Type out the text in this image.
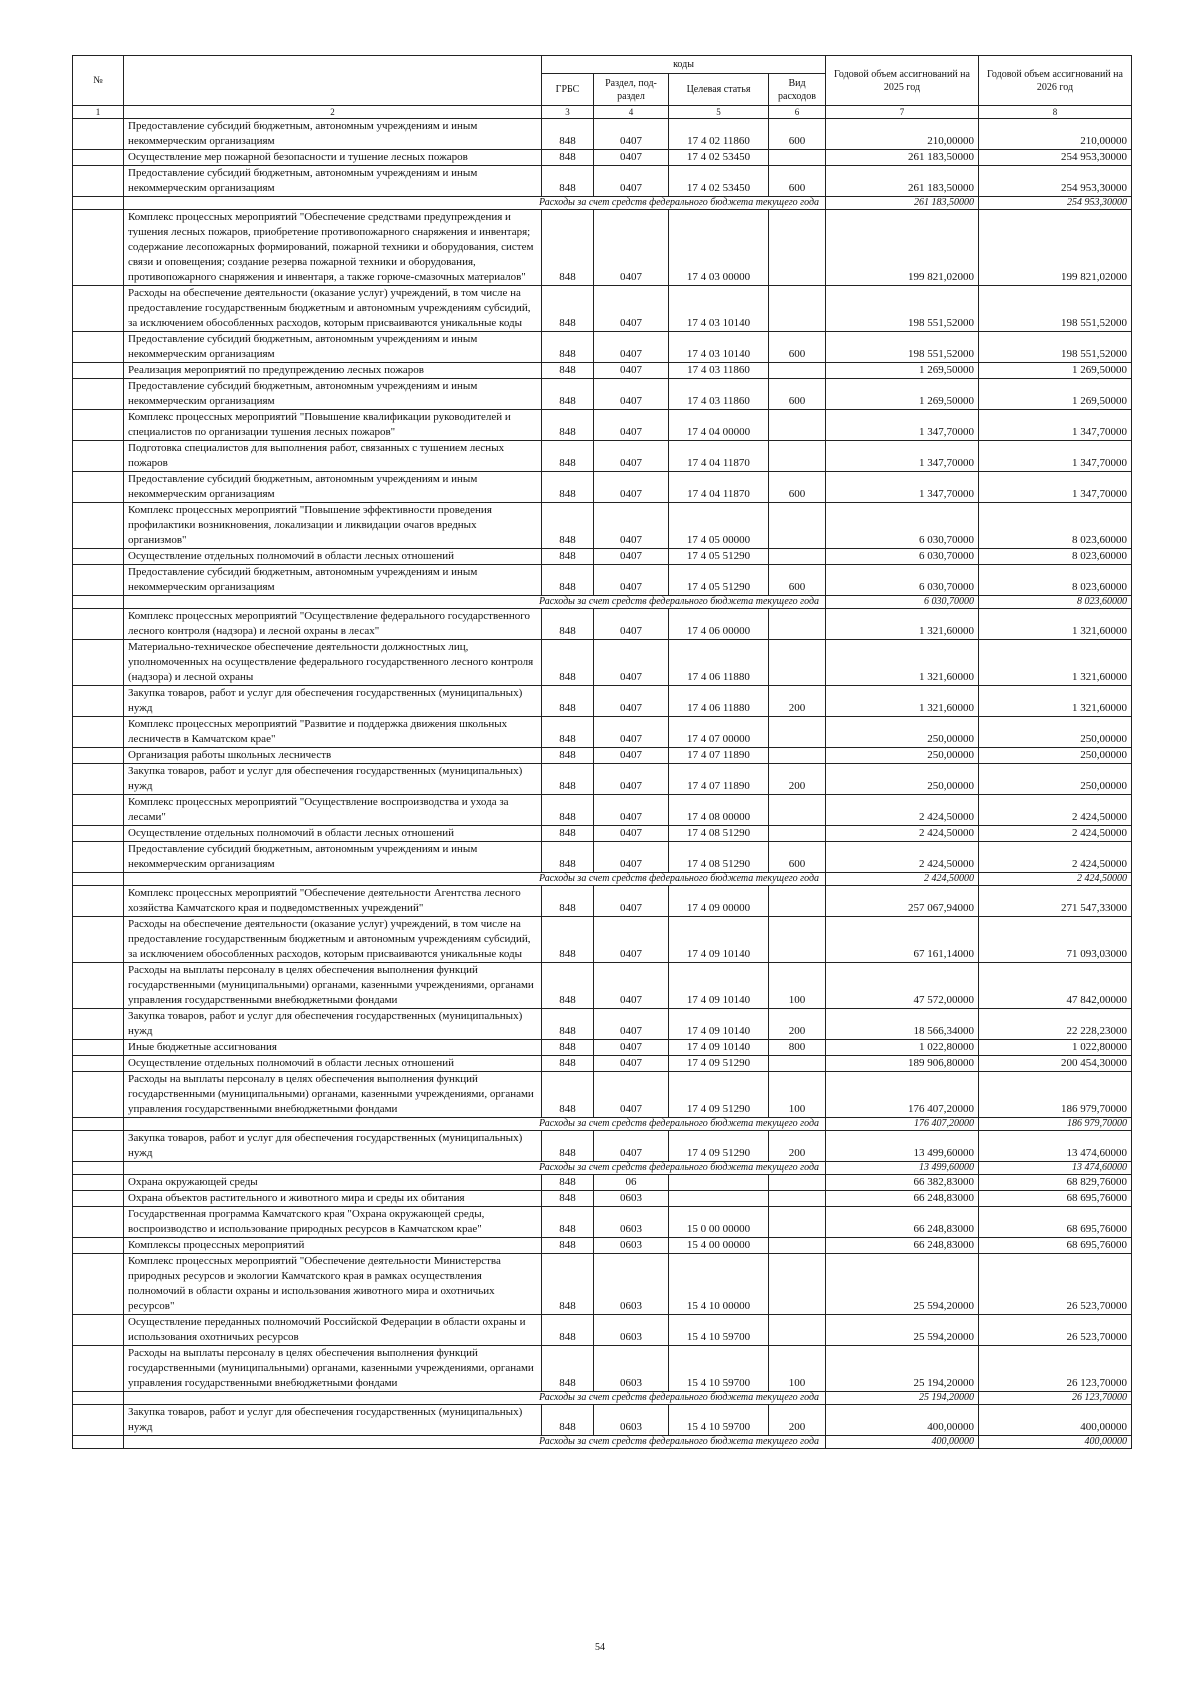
№		коды				Годовой объем ассигнований на 2025 год	Годовой объем ассигнований на 2026 год
		ГРБС	Раздел, под-раздел	Целевая статья	Вид расходов		
1	2	3	4	5	6	7	8
	Предоставление субсидий бюджетным, автономным учреждениям и иным некоммерческим организациям	848	0407	17 4 02 11860	600	210,00000	210,00000
	Осуществление мер пожарной безопасности и тушение лесных пожаров	848	0407	17 4 02 53450		261 183,50000	254 953,30000
	Предоставление субсидий бюджетным, автономным учреждениям и иным некоммерческим организациям	848	0407	17 4 02 53450	600	261 183,50000	254 953,30000
	Расходы за счет средств федерального бюджета текущего года					261 183,50000	254 953,30000
	Комплекс процессных мероприятий "Обеспечение средствами предупреждения и тушения лесных пожаров, приобретение противопожарного снаряжения и инвентаря; содержание лесопожарных формирований, пожарной техники и оборудования, систем связи и оповещения; создание резерва пожарной техники и оборудования, противопожарного снаряжения и инвентаря, а также горюче-смазочных материалов"	848	0407	17 4 03 00000		199 821,02000	199 821,02000
	Расходы на обеспечение деятельности (оказание услуг) учреждений, в том числе на предоставление государственным бюджетным и автономным учреждениям субсидий, за исключением обособленных расходов, которым присваиваются уникальные коды	848	0407	17 4 03 10140		198 551,52000	198 551,52000
	Предоставление субсидий бюджетным, автономным учреждениям и иным некоммерческим организациям	848	0407	17 4 03 10140	600	198 551,52000	198 551,52000
	Реализация мероприятий по предупреждению лесных пожаров	848	0407	17 4 03 11860		1 269,50000	1 269,50000
	Предоставление субсидий бюджетным, автономным учреждениям и иным некоммерческим организациям	848	0407	17 4 03 11860	600	1 269,50000	1 269,50000
	Комплекс процессных мероприятий "Повышение квалификации руководителей и специалистов по организации тушения лесных пожаров"	848	0407	17 4 04 00000		1 347,70000	1 347,70000
	Подготовка специалистов для выполнения работ, связанных с тушением лесных пожаров	848	0407	17 4 04 11870		1 347,70000	1 347,70000
	Предоставление субсидий бюджетным, автономным учреждениям и иным некоммерческим организациям	848	0407	17 4 04 11870	600	1 347,70000	1 347,70000
	Комплекс процессных мероприятий "Повышение эффективности проведения профилактики возникновения, локализации и ликвидации очагов вредных организмов"	848	0407	17 4 05 00000		6 030,70000	8 023,60000
	Осуществление отдельных полномочий в области лесных отношений	848	0407	17 4 05 51290		6 030,70000	8 023,60000
	Предоставление субсидий бюджетным, автономным учреждениям и иным некоммерческим организациям	848	0407	17 4 05 51290	600	6 030,70000	8 023,60000
	Расходы за счет средств федерального бюджета текущего года					6 030,70000	8 023,60000
	Комплекс процессных мероприятий "Осуществление федерального государственного лесного контроля (надзора) и лесной охраны в лесах"	848	0407	17 4 06 00000		1 321,60000	1 321,60000
	Материально-техническое обеспечение деятельности должностных лиц, уполномоченных на осуществление федерального государственного лесного контроля (надзора) и лесной охраны	848	0407	17 4 06 11880		1 321,60000	1 321,60000
	Закупка товаров, работ и услуг для обеспечения государственных (муниципальных) нужд	848	0407	17 4 06 11880	200	1 321,60000	1 321,60000
	Комплекс процессных мероприятий "Развитие и поддержка движения школьных лесничеств в Камчатском крае"	848	0407	17 4 07 00000		250,00000	250,00000
	Организация работы школьных лесничеств	848	0407	17 4 07 11890		250,00000	250,00000
	Закупка товаров, работ и услуг для обеспечения государственных (муниципальных) нужд	848	0407	17 4 07 11890	200	250,00000	250,00000
	Комплекс процессных мероприятий "Осуществление воспроизводства и ухода за лесами"	848	0407	17 4 08 00000		2 424,50000	2 424,50000
	Осуществление отдельных полномочий в области лесных отношений	848	0407	17 4 08 51290		2 424,50000	2 424,50000
	Предоставление субсидий бюджетным, автономным учреждениям и иным некоммерческим организациям	848	0407	17 4 08 51290	600	2 424,50000	2 424,50000
	Расходы за счет средств федерального бюджета текущего года					2 424,50000	2 424,50000
	Комплекс процессных мероприятий "Обеспечение деятельности Агентства лесного хозяйства Камчатского края и подведомственных учреждений"	848	0407	17 4 09 00000		257 067,94000	271 547,33000
	Расходы на обеспечение деятельности (оказание услуг) учреждений, в том числе на предоставление государственным бюджетным и автономным учреждениям субсидий, за исключением обособленных расходов, которым присваиваются уникальные коды	848	0407	17 4 09 10140		67 161,14000	71 093,03000
	Расходы на выплаты персоналу в целях обеспечения выполнения функций государственными (муниципальными) органами, казенными учреждениями, органами управления государственными внебюджетными фондами	848	0407	17 4 09 10140	100	47 572,00000	47 842,00000
	Закупка товаров, работ и услуг для обеспечения государственных (муниципальных) нужд	848	0407	17 4 09 10140	200	18 566,34000	22 228,23000
	Иные бюджетные ассигнования	848	0407	17 4 09 10140	800	1 022,80000	1 022,80000
	Осуществление отдельных полномочий в области лесных отношений	848	0407	17 4 09 51290		189 906,80000	200 454,30000
	Расходы на выплаты персоналу в целях обеспечения выполнения функций государственными (муниципальными) органами, казенными учреждениями, органами управления государственными внебюджетными фондами	848	0407	17 4 09 51290	100	176 407,20000	186 979,70000
	Расходы за счет средств федерального бюджета текущего года					176 407,20000	186 979,70000
	Закупка товаров, работ и услуг для обеспечения государственных (муниципальных) нужд	848	0407	17 4 09 51290	200	13 499,60000	13 474,60000
	Расходы за счет средств федерального бюджета текущего года					13 499,60000	13 474,60000
	Охрана окружающей среды	848	06			66 382,83000	68 829,76000
	Охрана объектов растительного и животного мира и среды их обитания	848	0603			66 248,83000	68 695,76000
	Государственная программа Камчатского края "Охрана окружающей среды, воспроизводство и использование природных ресурсов в Камчатском крае"	848	0603	15 0 00 00000		66 248,83000	68 695,76000
	Комплексы процессных мероприятий	848	0603	15 4 00 00000		66 248,83000	68 695,76000
	Комплекс процессных мероприятий "Обеспечение деятельности Министерства природных ресурсов и экологии Камчатского края в рамках осуществления полномочий в области охраны и использования животного мира и охотничьих ресурсов"	848	0603	15 4 10 00000		25 594,20000	26 523,70000
	Осуществление переданных полномочий Российской Федерации в области охраны и использования охотничьих ресурсов	848	0603	15 4 10 59700		25 594,20000	26 523,70000
	Расходы на выплаты персоналу в целях обеспечения выполнения функций государственными (муниципальными) органами, казенными учреждениями, органами управления государственными внебюджетными фондами	848	0603	15 4 10 59700	100	25 194,20000	26 123,70000
	Расходы за счет средств федерального бюджета текущего года					25 194,20000	26 123,70000
	Закупка товаров, работ и услуг для обеспечения государственных (муниципальных) нужд	848	0603	15 4 10 59700	200	400,00000	400,00000
	Расходы за счет средств федерального бюджета текущего года					400,00000	400,00000
54
